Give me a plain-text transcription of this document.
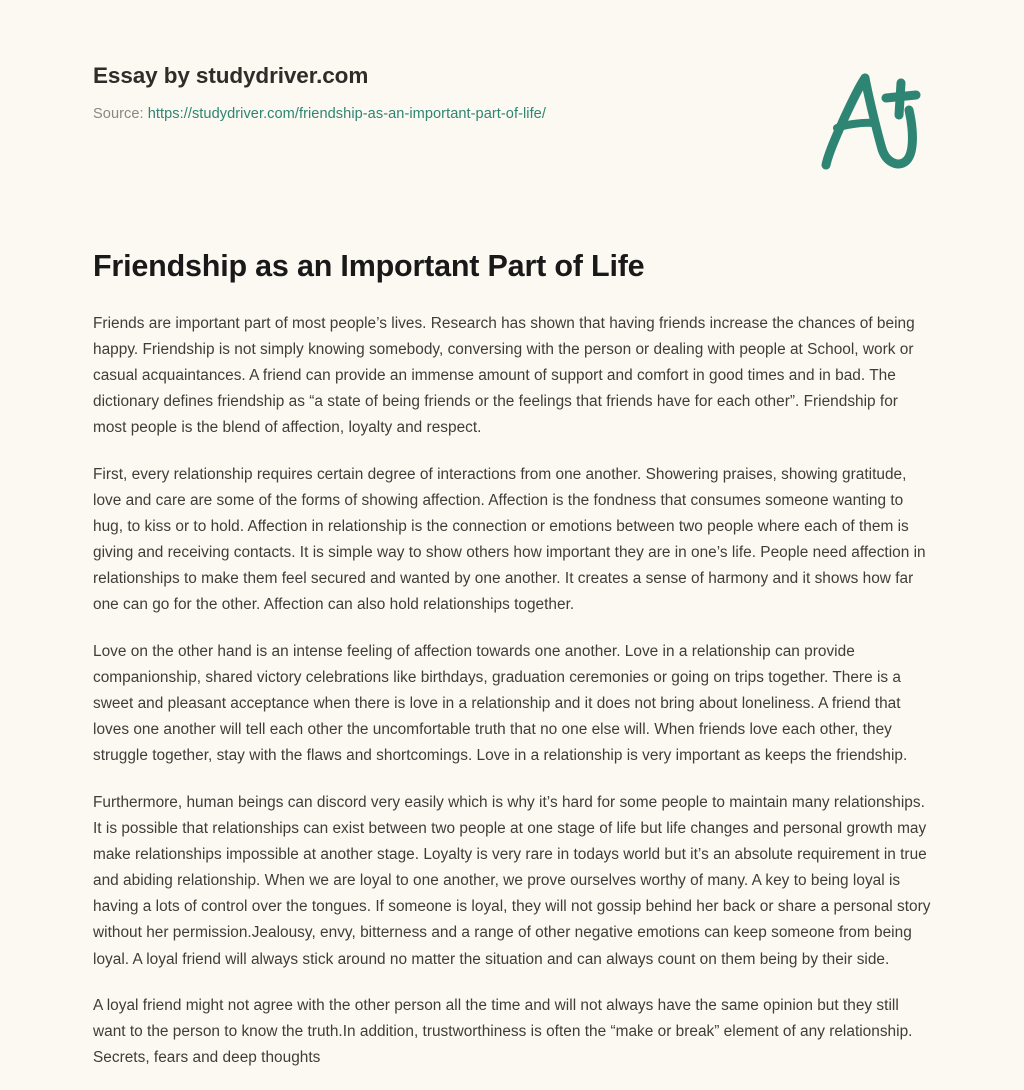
Essay by studydriver.com
Source: https://studydriver.com/friendship-as-an-important-part-of-life/
Friendship as an Important Part of Life

Friends are important part of most people’s lives. Research has shown that having friends increase the chances of being happy. Friendship is not simply knowing somebody, conversing with the person or dealing with people at School, work or casual acquaintances. A friend can provide an immense amount of support and comfort in good times and in bad. The dictionary defines friendship as “a state of being friends or the feelings that friends have for each other”. Friendship for most people is the blend of affection, loyalty and respect.

First, every relationship requires certain degree of interactions from one another. Showering praises, showing gratitude, love and care are some of the forms of showing affection. Affection is the fondness that consumes someone wanting to hug, to kiss or to hold. Affection in relationship is the connection or emotions between two people where each of them is giving and receiving contacts. It is simple way to show others how important they are in one’s life. People need affection in relationships to make them feel secured and wanted by one another. It creates a sense of harmony and it shows how far one can go for the other. Affection can also hold relationships together.

Love on the other hand is an intense feeling of affection towards one another. Love in a relationship can provide companionship, shared victory celebrations like birthdays, graduation ceremonies or going on trips together. There is a sweet and pleasant acceptance when there is love in a relationship and it does not bring about loneliness. A friend that loves one another will tell each other the uncomfortable truth that no one else will. When friends love each other, they struggle together, stay with the flaws and shortcomings. Love in a relationship is very important as keeps the friendship.

Furthermore, human beings can discord very easily which is why it’s hard for some people to maintain many relationships. It is possible that relationships can exist between two people at one stage of life but life changes and personal growth may make relationships impossible at another stage. Loyalty is very rare in todays world but it’s an absolute requirement in true and abiding relationship. When we are loyal to one another, we prove ourselves worthy of many. A key to being loyal is having a lots of control over the tongues. If someone is loyal, they will not gossip behind her back or share a personal story without her permission.Jealousy, envy, bitterness and a range of other negative emotions can keep someone from being loyal. A loyal friend will always stick around no matter the situation and can always count on them being by their side.

A loyal friend might not agree with the other person all the time and will not always have the same opinion but they still want to the person to know the truth.In addition, trustworthiness is often the “make or break” element of any relationship. Secrets, fears and deep thoughts
